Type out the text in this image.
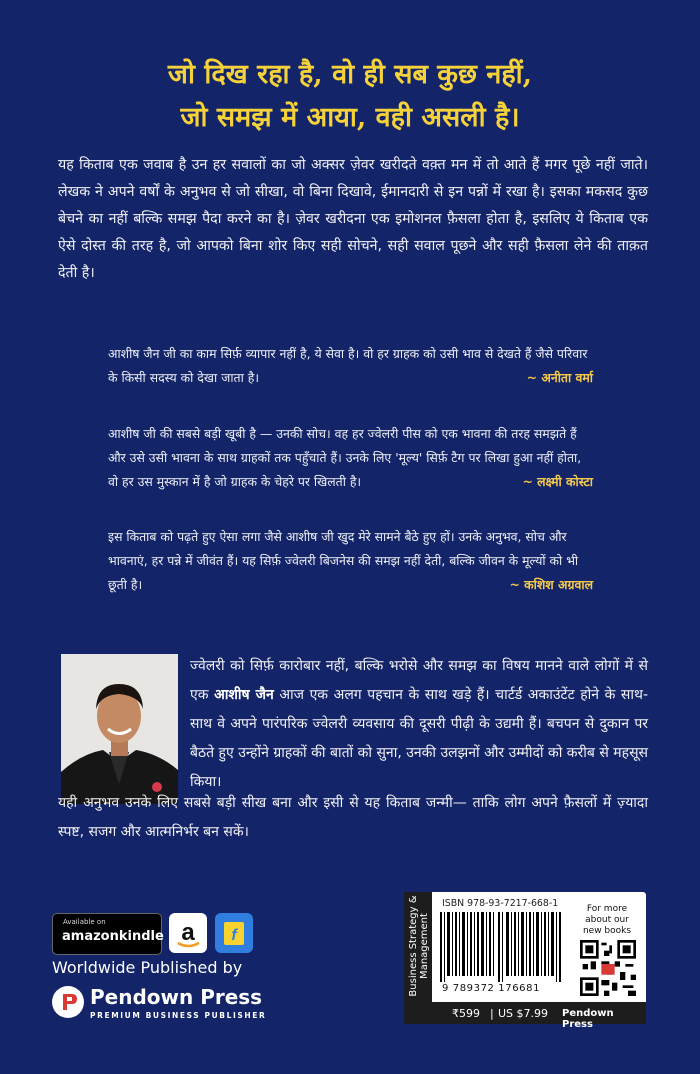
जो दिख रहा है, वो ही सब कुछ नहीं,
जो समझ में आया, वही असली है।
यह किताब एक जवाब है उन हर सवालों का जो अक्सर ज़ेवर खरीदते वक़्त मन में तो आते हैं मगर पूछे नहीं जाते। लेखक ने अपने वर्षों के अनुभव से जो सीखा, वो बिना दिखावे, ईमानदारी से इन पन्नों में रखा है। इसका मकसद कुछ बेचने का नहीं बल्कि समझ पैदा करने का है। ज़ेवर खरीदना एक इमोशनल फ़ैसला होता है, इसलिए ये किताब एक ऐसे दोस्त की तरह है, जो आपको बिना शोर किए सही सोचने, सही सवाल पूछने और सही फ़ैसला लेने की ताक़त देती है।
आशीष जैन जी का काम सिर्फ़ व्यापार नहीं है, ये सेवा है। वो हर ग्राहक को उसी भाव से देखते हैं जैसे परिवार के किसी सदस्य को देखा जाता है।	~ अनीता वर्मा
आशीष जी की सबसे बड़ी खूबी है — उनकी सोच। वह हर ज्वेलरी पीस को एक भावना की तरह समझते हैं और उसे उसी भावना के साथ ग्राहकों तक पहुँचाते हैं। उनके लिए 'मूल्य' सिर्फ़ टैग पर लिखा हुआ नहीं होता, वो हर उस मुस्कान में है जो ग्राहक के चेहरे पर खिलती है।	~ लक्ष्मी कोस्टा
इस किताब को पढ़ते हुए ऐसा लगा जैसे आशीष जी खुद मेरे सामने बैठे हुए हों। उनके अनुभव, सोच और भावनाएं, हर पन्ने में जीवंत हैं। यह सिर्फ़ ज्वेलरी बिजनेस की समझ नहीं देती, बल्कि जीवन के मूल्यों को भी छूती है।	~ कशिश अग्रवाल
ज्वेलरी को सिर्फ़ कारोबार नहीं, बल्कि भरोसे और समझ का विषय मानने वाले लोगों में से एक आशीष जैन आज एक अलग पहचान के साथ खड़े हैं। चार्टर्ड अकाउंटेंट होने के साथ-साथ वे अपने पारंपरिक ज्वेलरी व्यवसाय की दूसरी पीढ़ी के उद्यमी हैं। बचपन से दुकान पर बैठते हुए उन्होंने ग्राहकों की बातों को सुना, उनकी उलझनों और उम्मीदों को करीब से महसूस किया।
यही अनुभव उनके लिए सबसे बड़ी सीख बना और इसी से यह किताब जन्मी— ताकि लोग अपने फ़ैसलों में ज़्यादा स्पष्ट, सजग और आत्मनिर्भर बन सकें।
Available on
amazonkindle a f
Worldwide Published by
Pendown Press
PREMIUM BUSINESS PUBLISHER
Business Strategy & Management
ISBN 978-93-7217-668-1
9 789372 176681
For more about our new books
₹599 | US $7.99 Pendown Press
